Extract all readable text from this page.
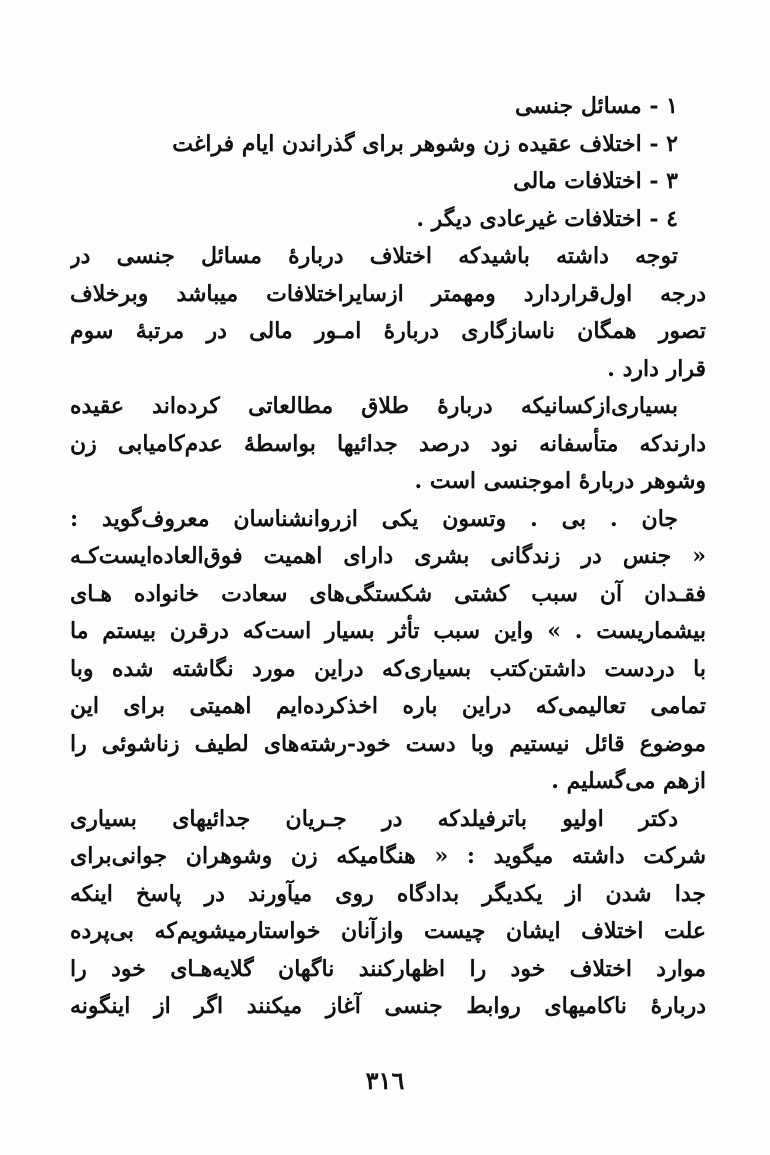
١ - مسائل جنسی
٢ - اختلاف عقیده زن وشوهر برای گذراندن ایام فراغت
٣ - اختلافات مالی
٤ - اختلافات غیرعادی دیگر .
توجه داشته باشیدکه اختلاف دربارهٔ مسائل جنسی در
درجه اول‌قراردارد و‌مهمتر ازسایراختلافات میباشد وبرخلاف
تصور همگان ناسازگاری دربارهٔ امـور مالی در مرتبهٔ سوم
قرار دارد .
بسیاری‌ازکسانیکه دربارهٔ طلاق مطالعاتی کرده‌اند عقیده
دارندکه متأسفانه نود درصد جدائیها بواسطهٔ عدم‌کامیابی زن
وشوهر دربارهٔ اموجنسی است .
جان . بی . وتسون یکی ازروانشناسان معروف‌گوید :
« جنس در زندگانی بشری دارای اهمیت فوق‌العاده‌ایست‌کـه
فقـدان آن سبب کشتی شکستگی‌های سعادت خانواده هـای
بیشماریست . » واین سبب تأثر بسیار است‌که درقرن بیستم ما
با دردست داشتن‌کتب بسیاری‌که دراین مورد نگاشته شده وبا
تمامی تعالیمی‌که دراین باره اخذکرده‌ایم اهمیتی برای این
موضوع قائل نیستیم وبا دست خود-رشته‌های لطیف زناشوئی را
ازهم می‌گسلیم .
دکتر اولیو باترفیلدکه در جـریان جدائیهای بسیاری
شرکت داشته میگوید : « هنگامیکه زن وشوهران جوانی‌برای
جدا شدن از یکدیگر بدادگاه روی میآورند در پاسخ اینکه
علت اختلاف ایشان چیست وازآنان خواستارمیشویم‌که بی‌پرده
موارد اختلاف خود را اظهارکنند ناگهان گلایه‌هـای خود را
دربارهٔ ناکامیهای روابط جنسی آغاز میکنند اگر از اینگونه
٣١٦
